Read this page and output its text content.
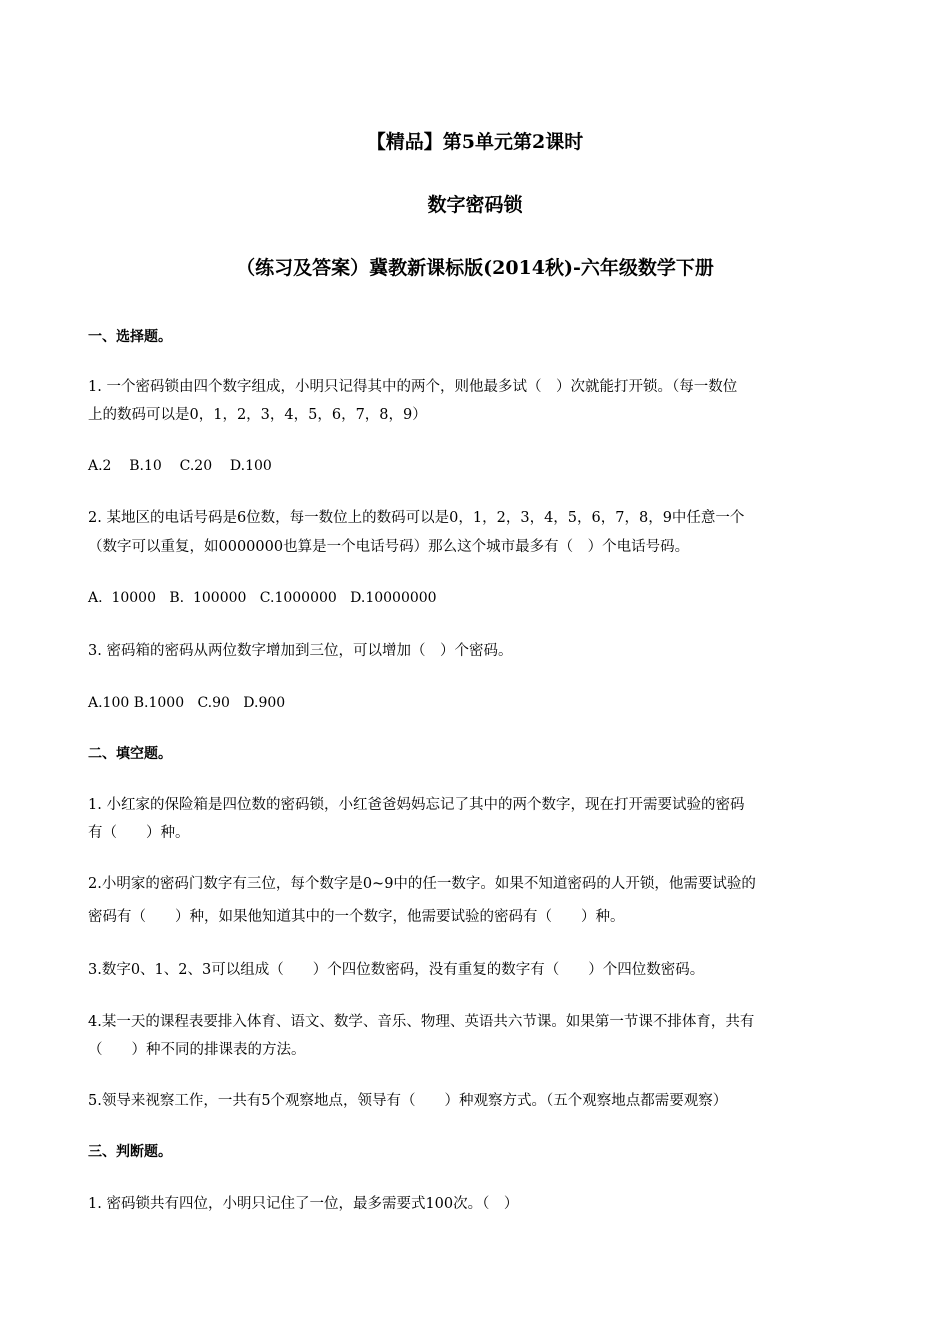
【精品】第5单元第2课时
数字密码锁
（练习及答案）冀教新课标版(2014秋)-六年级数学下册
一、选择题。
1. 一个密码锁由四个数字组成，小明只记得其中的两个，则他最多试（　）次就能打开锁。（每一数位
上的数码可以是0，1，2，3，4，5，6，7，8，9）
A.2    B.10    C.20    D.100
2. 某地区的电话号码是6位数，每一数位上的数码可以是0，1，2，3，4，5，6，7，8，9中任意一个
（数字可以重复，如0000000也算是一个电话号码）那么这个城市最多有（　）个电话号码。
A.  10000   B.  100000   C.1000000   D.10000000
3. 密码箱的密码从两位数字增加到三位，可以增加（　）个密码。
A.100 B.1000   C.90   D.900
二、填空题。
1. 小红家的保险箱是四位数的密码锁，小红爸爸妈妈忘记了其中的两个数字，现在打开需要试验的密码
有（　　）种。
2.小明家的密码门数字有三位，每个数字是0~9中的任一数字。如果不知道密码的人开锁，他需要试验的
密码有（　　）种，如果他知道其中的一个数字，他需要试验的密码有（　　）种。
3.数字0、1、2、3可以组成（　　）个四位数密码，没有重复的数字有（　　）个四位数密码。
4.某一天的课程表要排入体育、语文、数学、音乐、物理、英语共六节课。如果第一节课不排体育，共有
（　　）种不同的排课表的方法。
5.领导来视察工作，一共有5个观察地点，领导有（　　）种观察方式。（五个观察地点都需要观察）
三、判断题。
1. 密码锁共有四位，小明只记住了一位，最多需要式100次。（　）
